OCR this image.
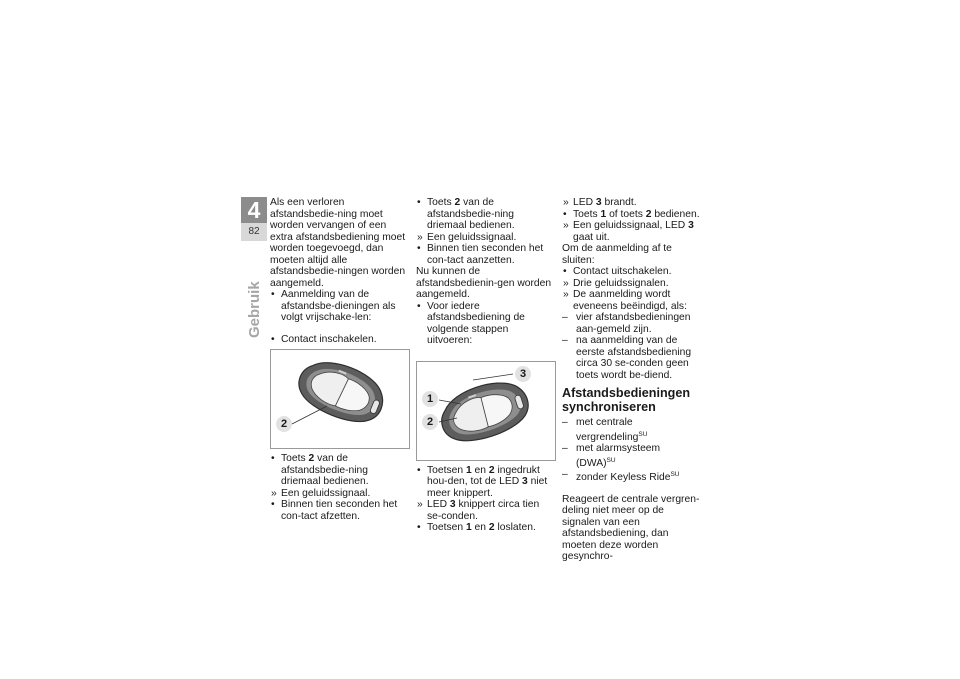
4
82
Gebruik

Als een verloren afstandsbedie-ning moet worden vervangen of een extra afstandsbediening moet worden toegevoegd, dan moeten altijd alle afstandsbedie-ningen worden aangemeld.

• Aanmelding van de afstandsbe-dieningen als volgt vrijschake-len:

• Contact inschakelen.

2

• Toets 2 van de afstandsbedie-ning driemaal bedienen.

» Een geluidssignaal.

• Binnen tien seconden het con-tact afzetten.

• Toets 2 van de afstandsbedie-ning driemaal bedienen.

» Een geluidssignaal.

• Binnen tien seconden het con-tact aanzetten.

Nu kunnen de afstandsbedienin-gen worden aangemeld.

• Voor iedere afstandsbediening de volgende stappen uitvoeren:

1
2
3

• Toetsen 1 en 2 ingedrukt hou-den, tot de LED 3 niet meer knippert.

» LED 3 knippert circa tien se-conden.

• Toetsen 1 en 2 loslaten.

» LED 3 brandt.

• Toets 1 of toets 2 bedienen.

» Een geluidssignaal, LED 3 gaat uit.

Om de aanmelding af te sluiten:

• Contact uitschakelen.

» Drie geluidssignalen.

» De aanmelding wordt eveneens beëindigd, als:

– vier afstandsbedieningen aan-gemeld zijn.

– na aanmelding van de eerste afstandsbediening circa 30 se-conden geen toets wordt be-diend.

Afstandsbedieningen synchroniseren

– met centrale vergrendeling$^{SU}$

– met alarmsysteem (DWA)$^{SU}$

– zonder Keyless Ride$^{SU}$

Reageert de centrale vergren-deling niet meer op de signalen van een afstandsbediening, dan moeten deze worden gesynchro-
